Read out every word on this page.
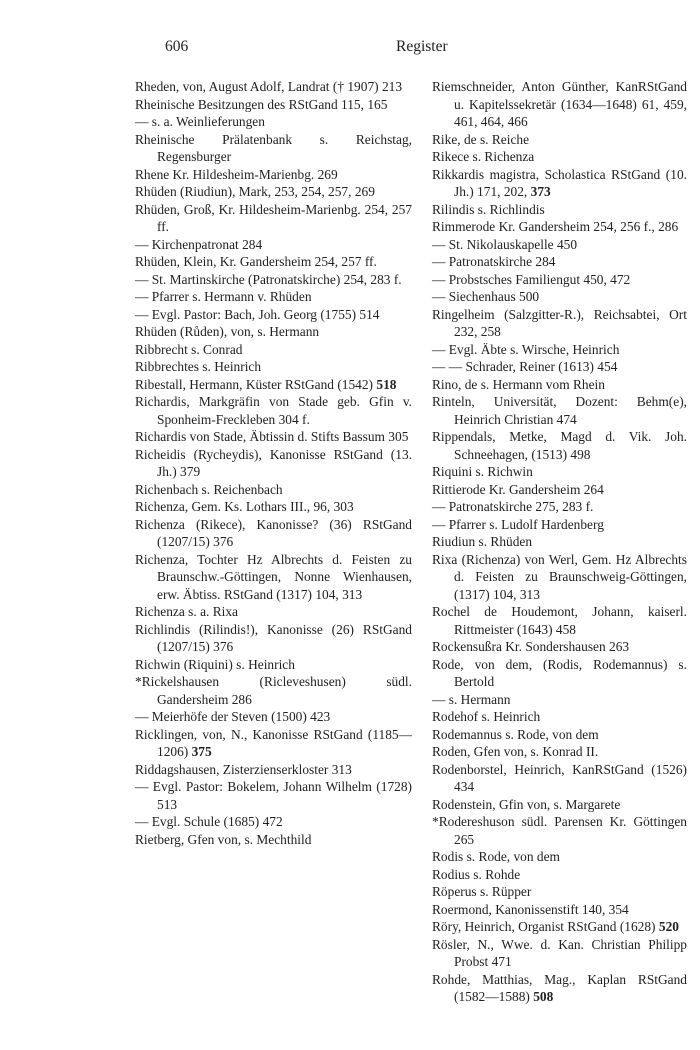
606	Register
Rheden, von, August Adolf, Landrat († 1907) 213
Rheinische Besitzungen des RStGand 115, 165
— s. a. Weinlieferungen
Rheinische Prälatenbank s. Reichstag, Regensburger
Rhene Kr. Hildesheim-Marienbg. 269
Rhüden (Riudiun), Mark, 253, 254, 257, 269
Rhüden, Groß, Kr. Hildesheim-Marienbg. 254, 257 ff.
— Kirchenpatronat 284
Rhüden, Klein, Kr. Gandersheim 254, 257 ff.
— St. Martinskirche (Patronatskirche) 254, 283 f.
— Pfarrer s. Hermann v. Rhüden
— Evgl. Pastor: Bach, Joh. Georg (1755) 514
Rhüden (Růden), von, s. Hermann
Ribbrecht s. Conrad
Ribbrechtes s. Heinrich
Ribestall, Hermann, Küster RStGand (1542) 518
Richardis, Markgräfin von Stade geb. Gfin v. Sponheim-Freckleben 304 f.
Richardis von Stade, Äbtissin d. Stifts Bassum 305
Richeidis (Rycheydis), Kanonisse RStGand (13. Jh.) 379
Richenbach s. Reichenbach
Richenza, Gem. Ks. Lothars III., 96, 303
Richenza (Rikece), Kanonisse? (36) RStGand (1207/15) 376
Richenza, Tochter Hz Albrechts d. Feisten zu Braunschw.-Göttingen, Nonne Wienhausen, erw. Äbtiss. RStGand (1317) 104, 313
Richenza s. a. Rixa
Richlindis (Rilindis!), Kanonisse (26) RStGand (1207/15) 376
Richwin (Riquini) s. Heinrich
*Rickelshausen (Ricleveshusen) südl. Gandersheim 286
— Meierhöfe der Steven (1500) 423
Ricklingen, von, N., Kanonisse RStGand (1185—1206) 375
Riddagshausen, Zisterzienserkloster 313
— Evgl. Pastor: Bokelem, Johann Wilhelm (1728) 513
— Evgl. Schule (1685) 472
Rietberg, Gfen von, s. Mechthild
Riemschneider, Anton Günther, KanRStGand u. Kapitelssekretär (1634—1648) 61, 459, 461, 464, 466
Rike, de s. Reiche
Rikece s. Richenza
Rikkardis magistra, Scholastica RStGand (10. Jh.) 171, 202, 373
Rilindis s. Richlindis
Rimmerode Kr. Gandersheim 254, 256 f., 286
— St. Nikolauskapelle 450
— Patronatskirche 284
— Probstsches Familiengut 450, 472
— Siechenhaus 500
Ringelheim (Salzgitter-R.), Reichsabtei, Ort 232, 258
— Evgl. Äbte s. Wirsche, Heinrich
— — Schrader, Reiner (1613) 454
Rino, de s. Hermann vom Rhein
Rinteln, Universität, Dozent: Behm(e), Heinrich Christian 474
Rippendals, Metke, Magd d. Vik. Joh. Schneehagen, (1513) 498
Riquini s. Richwin
Rittierode Kr. Gandersheim 264
— Patronatskirche 275, 283 f.
— Pfarrer s. Ludolf Hardenberg
Riudiun s. Rhüden
Rixa (Richenza) von Werl, Gem. Hz Albrechts d. Feisten zu Braunschweig-Göttingen, (1317) 104, 313
Rochel de Houdemont, Johann, kaiserl. Rittmeister (1643) 458
Rockensußra Kr. Sondershausen 263
Rode, von dem, (Rodis, Rodemannus) s. Bertold
— s. Hermann
Rodehof s. Heinrich
Rodemannus s. Rode, von dem
Roden, Gfen von, s. Konrad II.
Rodenborstel, Heinrich, KanRStGand (1526) 434
Rodenstein, Gfin von, s. Margarete
*Rodereshuson südl. Parensen Kr. Göttingen 265
Rodis s. Rode, von dem
Rodius s. Rohde
Röperus s. Rüpper
Roermond, Kanonissenstift 140, 354
Röry, Heinrich, Organist RStGand (1628) 520
Rösler, N., Wwe. d. Kan. Christian Philipp Probst 471
Rohde, Matthias, Mag., Kaplan RStGand (1582—1588) 508
